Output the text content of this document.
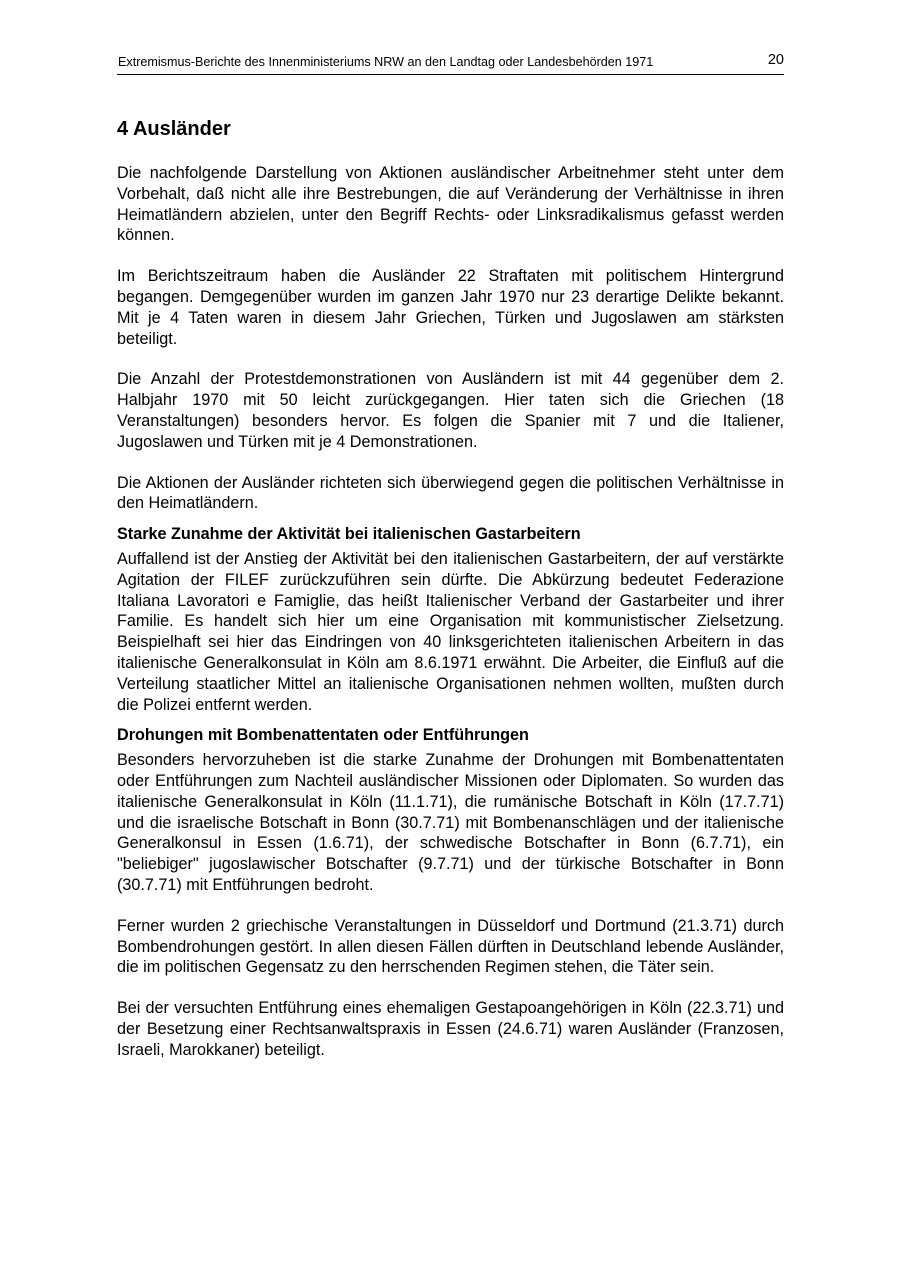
Extremismus-Berichte des Innenministeriums NRW an den Landtag oder Landesbehörden 1971	20
4 Ausländer

Die nachfolgende Darstellung von Aktionen ausländischer Arbeitnehmer steht unter dem Vorbehalt, daß nicht alle ihre Bestrebungen, die auf Veränderung der Verhältnisse in ihren Heimatländern abzielen, unter den Begriff Rechts- oder Linksradikalismus gefasst werden können.

Im Berichtszeitraum haben die Ausländer 22 Straftaten mit politischem Hintergrund begangen. Demgegenüber wurden im ganzen Jahr 1970 nur 23 derartige Delikte bekannt. Mit je 4 Taten waren in diesem Jahr Griechen, Türken und Jugoslawen am stärksten beteiligt.

Die Anzahl der Protestdemonstrationen von Ausländern ist mit 44 gegenüber dem 2. Halbjahr 1970 mit 50 leicht zurückgegangen. Hier taten sich die Griechen (18 Veranstaltungen) besonders hervor. Es folgen die Spanier mit 7 und die Italiener, Jugoslawen und Türken mit je 4 Demonstrationen.

Die Aktionen der Ausländer richteten sich überwiegend gegen die politischen Verhältnisse in den Heimatländern.

Starke Zunahme der Aktivität bei italienischen Gastarbeitern

Auffallend ist der Anstieg der Aktivität bei den italienischen Gastarbeitern, der auf verstärkte Agitation der FILEF zurückzuführen sein dürfte. Die Abkürzung bedeutet Federazione Italiana Lavoratori e Famiglie, das heißt Italienischer Verband der Gastarbeiter und ihrer Familie. Es handelt sich hier um eine Organisation mit kommunistischer Zielsetzung. Beispielhaft sei hier das Eindringen von 40 linksgerichteten italienischen Arbeitern in das italienische Generalkonsulat in Köln am 8.6.1971 erwähnt. Die Arbeiter, die Einfluß auf die Verteilung staatlicher Mittel an italienische Organisationen nehmen wollten, mußten durch die Polizei entfernt werden.

Drohungen mit Bombenattentaten oder Entführungen

Besonders hervorzuheben ist die starke Zunahme der Drohungen mit Bombenattentaten oder Entführungen zum Nachteil ausländischer Missionen oder Diplomaten. So wurden das italienische Generalkonsulat in Köln (11.1.71), die rumänische Botschaft in Köln (17.7.71) und die israelische Botschaft in Bonn (30.7.71) mit Bombenanschlägen und der italienische Generalkonsul in Essen (1.6.71), der schwedische Botschafter in Bonn (6.7.71), ein "beliebiger" jugoslawischer Botschafter (9.7.71) und der türkische Botschafter in Bonn (30.7.71) mit Entführungen bedroht.

Ferner wurden 2 griechische Veranstaltungen in Düsseldorf und Dortmund (21.3.71) durch Bombendrohungen gestört. In allen diesen Fällen dürften in Deutschland lebende Ausländer, die im politischen Gegensatz zu den herrschenden Regimen stehen, die Täter sein.

Bei der versuchten Entführung eines ehemaligen Gestapoangehörigen in Köln (22.3.71) und der Besetzung einer Rechtsanwaltspraxis in Essen (24.6.71) waren Ausländer (Franzosen, Israeli, Marokkaner) beteiligt.
